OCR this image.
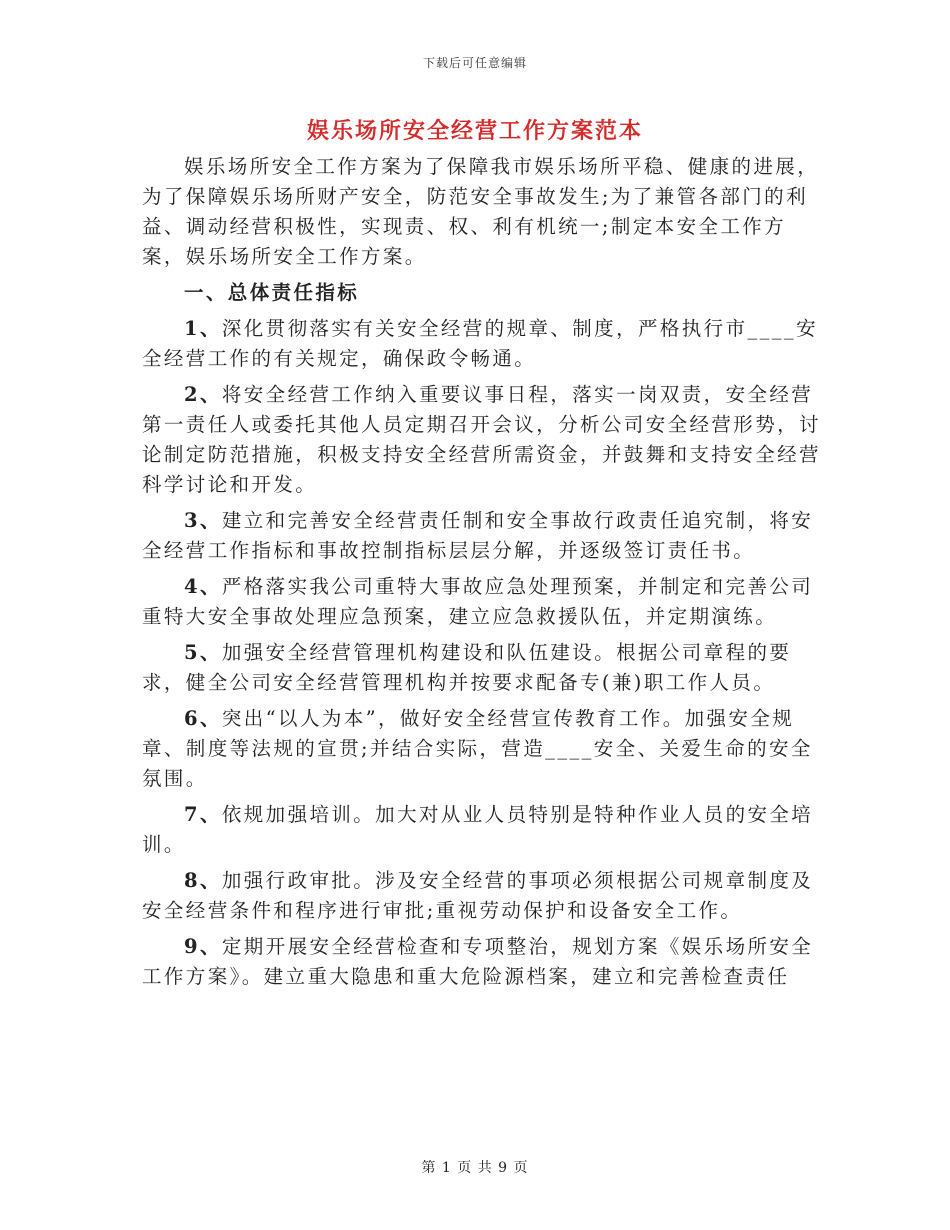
下载后可任意编辑
娱乐场所安全经营工作方案范本

娱乐场所安全工作方案为了保障我市娱乐场所平稳、健康的进展，为了保障娱乐场所财产安全，防范安全事故发生;为了兼管各部门的利益、调动经营积极性，实现责、权、利有机统一;制定本安全工作方案，娱乐场所安全工作方案。

一、总体责任指标

1、深化贯彻落实有关安全经营的规章、制度，严格执行市____安全经营工作的有关规定，确保政令畅通。

2、将安全经营工作纳入重要议事日程，落实一岗双责，安全经营第一责任人或委托其他人员定期召开会议，分析公司安全经营形势，讨论制定防范措施，积极支持安全经营所需资金，并鼓舞和支持安全经营科学讨论和开发。

3、建立和完善安全经营责任制和安全事故行政责任追究制，将安全经营工作指标和事故控制指标层层分解，并逐级签订责任书。

4、严格落实我公司重特大事故应急处理预案，并制定和完善公司重特大安全事故处理应急预案，建立应急救援队伍，并定期演练。

5、加强安全经营管理机构建设和队伍建设。根据公司章程的要求，健全公司安全经营管理机构并按要求配备专(兼)职工作人员。

6、突出“以人为本”，做好安全经营宣传教育工作。加强安全规章、制度等法规的宣贯;并结合实际，营造____安全、关爱生命的安全氛围。

7、依规加强培训。加大对从业人员特别是特种作业人员的安全培训。

8、加强行政审批。涉及安全经营的事项必须根据公司规章制度及安全经营条件和程序进行审批;重视劳动保护和设备安全工作。

9、定期开展安全经营检查和专项整治，规划方案《娱乐场所安全工作方案》。建立重大隐患和重大危险源档案，建立和完善检查责任

第 1 页 共 9 页
